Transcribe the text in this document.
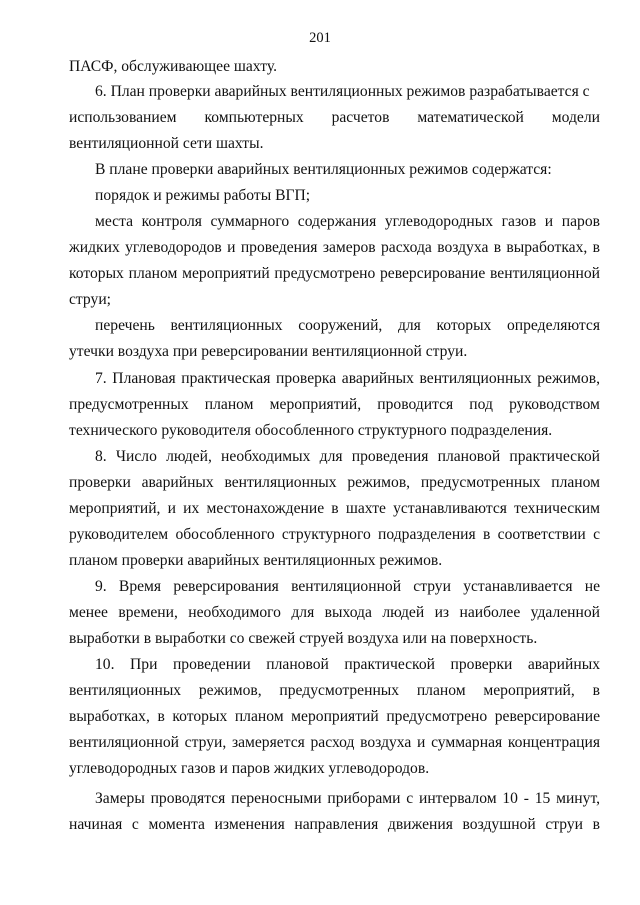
201
ПАСФ, обслуживающее шахту.
6. План проверки аварийных вентиляционных режимов разрабатывается с
использованием компьютерных расчетов математической модели
вентиляционной сети шахты.
В плане проверки аварийных вентиляционных режимов содержатся:
порядок и режимы работы ВГП;
места контроля суммарного содержания углеводородных газов и паров
жидких углеводородов и проведения замеров расхода воздуха в выработках, в
которых планом мероприятий предусмотрено реверсирование вентиляционной
струи;
перечень вентиляционных сооружений, для которых определяются
утечки воздуха при реверсировании вентиляционной струи.
7. Плановая практическая проверка аварийных вентиляционных режимов,
предусмотренных планом мероприятий, проводится под руководством
технического руководителя обособленного структурного подразделения.
8. Число людей, необходимых для проведения плановой практической
проверки аварийных вентиляционных режимов, предусмотренных планом
мероприятий, и их местонахождение в шахте устанавливаются техническим
руководителем обособленного структурного подразделения в соответствии с
планом проверки аварийных вентиляционных режимов.
9. Время реверсирования вентиляционной струи устанавливается не
менее времени, необходимого для выхода людей из наиболее удаленной
выработки в выработки со свежей струей воздуха или на поверхность.
10. При проведении плановой практической проверки аварийных
вентиляционных режимов, предусмотренных планом мероприятий, в
выработках, в которых планом мероприятий предусмотрено реверсирование
вентиляционной струи, замеряется расход воздуха и суммарная концентрация
углеводородных газов и паров жидких углеводородов.
Замеры проводятся переносными приборами с интервалом 10 - 15 минут,
начиная с момента изменения направления движения воздушной струи в
